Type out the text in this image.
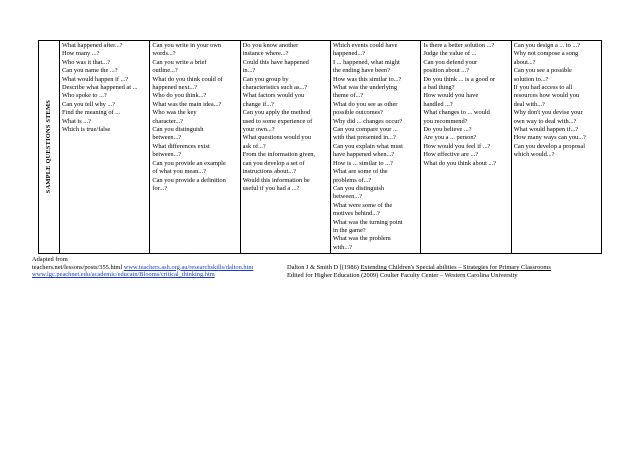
SAMPLE QUESTIONS STEMS

What happened after...?
How many ...?
Who was it that...?
Can you name the ...?
What would happen if ...?
Describe what happened at ...
Who spoke to ...?
Can you tell why ...?
Find the meaning of ...
What is ...?
Which is true/false

Can you write in your own
words...?
Can you write a brief
outline...?
What do you think could of
happened next...?
Who do you think...?
What was the main idea...?
Who was the key
character...?
Can you distinguish
between...?
What differences exist
between...?
Can you provide an example
of what you mean...?
Can you provide a definition
for...?

Do you know another
instance where...?
Could this have happened
in...?
Can you group by
characteristics such as...?
What factors would you
change if...?
Can you apply the method
used to some experience of
your own...?
What questions would you
ask of...?
From the information given,
can you develop a set of
instructions about...?
Would this information be
useful if you had a ...?

Which events could have
happened...?
I ... happened, what might
the ending have been?
How was this similar to...?
What was the underlying
theme of...?
What do you see as other
possible outcomes?
Why did ... changes occur?
Can you compare your ...
with that presented in...?
Can you explain what must
have happened when...?
How is ... similar to ...?
What are some of the
problems of...?
Can you distinguish
between...?
What were some of the
motives behind...?
What was the turning point
in the game?
What was the problem
with...?

Is there a better solution ...?
Judge the value of ...
Can you defend your
position about ...?
Do you think ... is a good or
a bad thing?
How would you have
handled ...?
What changes to ... would
you recommend?
Do you believe ...?
Are you a ... person?
How would you feel if ...?
How effective are ...?
What do you think about ...?

Can you design a ... to ...?
Why not compose a song
about...?
Can you see a possible
solution to...?
If you had access to all
resources how would you
deal with...?
Why don't you devise your
own way to deal with...?
What would happen if...?
How many ways can you...?
Can you develop a proposal
which would...?
Adapted from
teachers.net/lessons/posts/355.html www.teachers.ash.org.au/researchskills/dalton.htm
www.lgc.peachnet.edu/academic/educatn/Blooms/critical_thinking.htm
Dalton J & Smith D [(1986) Extending Children's Special abilities – Strategies for Primary Classrooms
Edited for Higher Education (2009) Coulter Faculty Center – Western Carolina University
